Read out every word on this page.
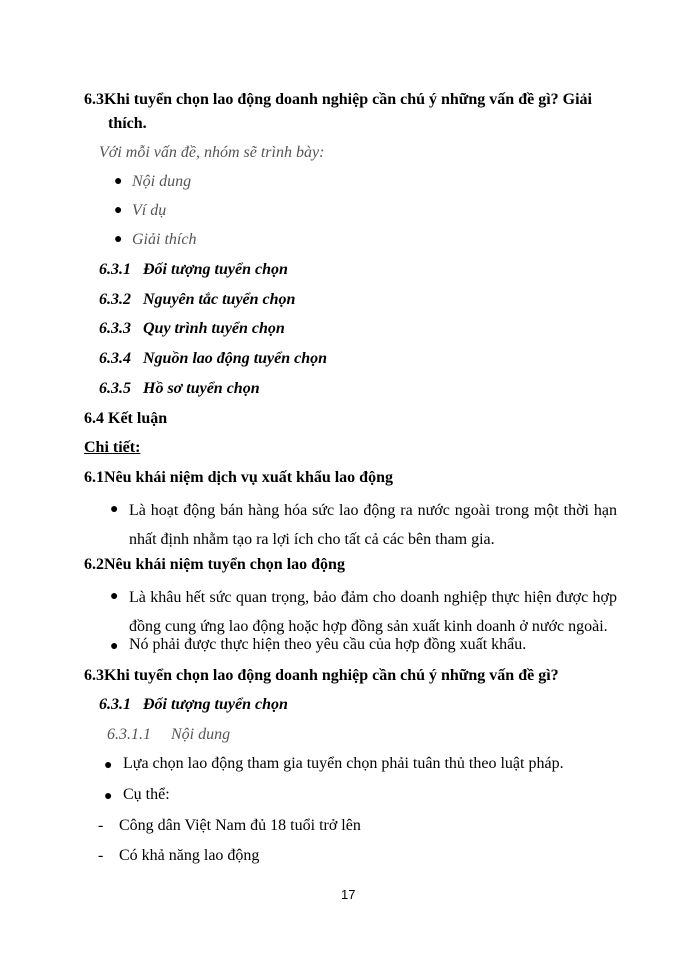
6.3Khi tuyển chọn lao động doanh nghiệp cần chú ý những vấn đề gì? Giải
thích.
Với mỗi vấn đề, nhóm sẽ trình bày:
● Nội dung
● Ví dụ
● Giải thích
6.3.1 Đối tượng tuyển chọn
6.3.2 Nguyên tắc tuyển chọn
6.3.3 Quy trình tuyển chọn
6.3.4 Nguồn lao động tuyển chọn
6.3.5 Hồ sơ tuyển chọn
6.4 Kết luận
Chi tiết:
6.1Nêu khái niệm dịch vụ xuất khẩu lao động
● Là hoạt động bán hàng hóa sức lao động ra nước ngoài trong một thời hạn nhất định nhằm tạo ra lợi ích cho tất cả các bên tham gia.
6.2Nêu khái niệm tuyển chọn lao động
● Là khâu hết sức quan trọng, bảo đảm cho doanh nghiệp thực hiện được hợp đồng cung ứng lao động hoặc hợp đồng sản xuất kinh doanh ở nước ngoài.
● Nó phải được thực hiện theo yêu cầu của hợp đồng xuất khẩu.
6.3Khi tuyển chọn lao động doanh nghiệp cần chú ý những vấn đề gì?
6.3.1 Đối tượng tuyển chọn
6.3.1.1 Nội dung
● Lựa chọn lao động tham gia tuyển chọn phải tuân thủ theo luật pháp.
● Cụ thể:
- Công dân Việt Nam đủ 18 tuổi trở lên
- Có khả năng lao động
17
